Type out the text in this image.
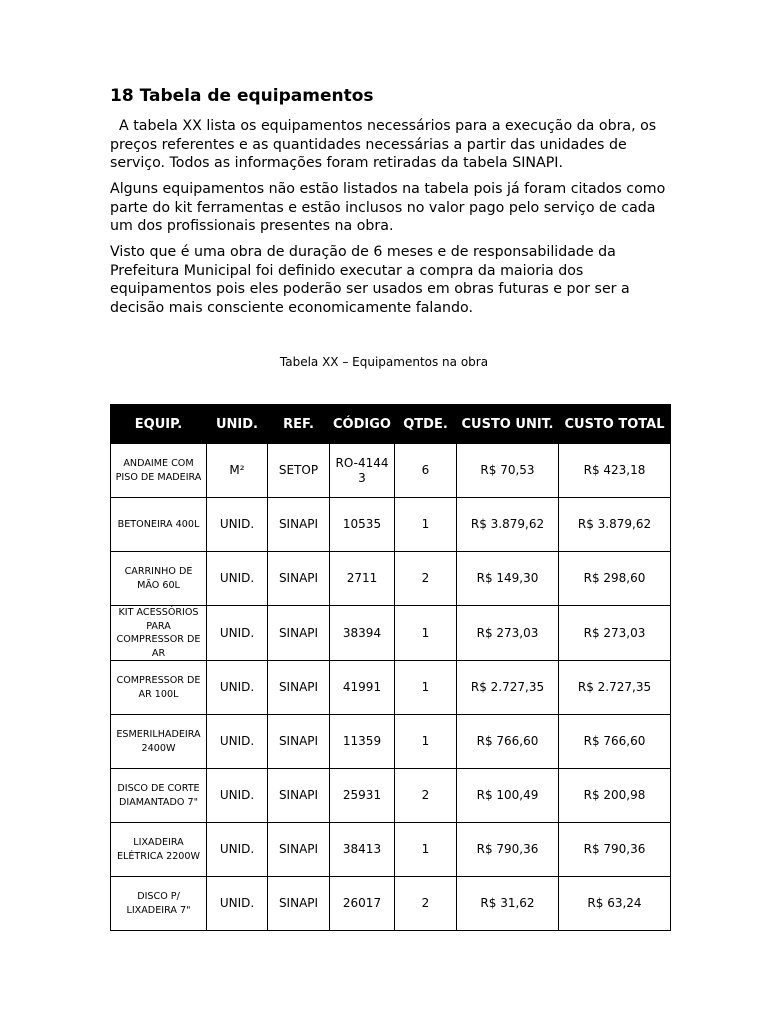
18 Tabela de equipamentos

A tabela XX lista os equipamentos necessários para a execução da obra, os preços referentes e as quantidades necessárias a partir das unidades de serviço. Todos as informações foram retiradas da tabela SINAPI.

Alguns equipamentos não estão listados na tabela pois já foram citados como parte do kit ferramentas e estão inclusos no valor pago pelo serviço de cada um dos profissionais presentes na obra.

Visto que é uma obra de duração de 6 meses e de responsabilidade da Prefeitura Municipal foi definido executar a compra da maioria dos equipamentos pois eles poderão ser usados em obras futuras e por ser a decisão mais consciente economicamente falando.

Tabela XX – Equipamentos na obra
EQUIP.	UNID.	REF.	CÓDIGO	QTDE.	CUSTO UNIT.	CUSTO TOTAL
ANDAIME COM PISO DE MADEIRA	M²	SETOP	RO-41443	6	R$ 70,53	R$ 423,18
BETONEIRA 400L	UNID.	SINAPI	10535	1	R$ 3.879,62	R$ 3.879,62
CARRINHO DE MÃO 60L	UNID.	SINAPI	2711	2	R$ 149,30	R$ 298,60
KIT ACESSÓRIOS PARA COMPRESSOR DE AR	UNID.	SINAPI	38394	1	R$ 273,03	R$ 273,03
COMPRESSOR DE AR 100L	UNID.	SINAPI	41991	1	R$ 2.727,35	R$ 2.727,35
ESMERILHADEIRA 2400W	UNID.	SINAPI	11359	1	R$ 766,60	R$ 766,60
DISCO DE CORTE DIAMANTADO 7"	UNID.	SINAPI	25931	2	R$ 100,49	R$ 200,98
LIXADEIRA ELÉTRICA 2200W	UNID.	SINAPI	38413	1	R$ 790,36	R$ 790,36
DISCO P/ LIXADEIRA 7"	UNID.	SINAPI	26017	2	R$ 31,62	R$ 63,24
